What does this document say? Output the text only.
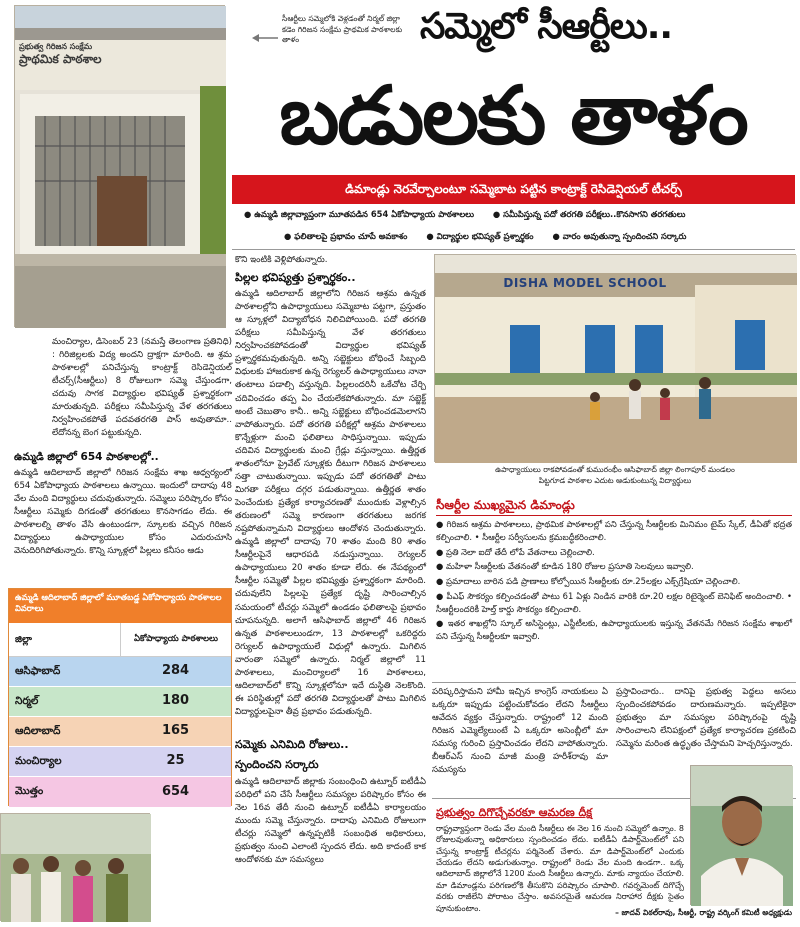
ప్రభుత్వ గిరిజన సంక్షేమ
ప్రాథమిక పాఠశాల
సీఆర్టీలు సమ్మెలోకి వెళ్లడంతో నిర్మల్ జిల్లా కడెం గిరిజన సంక్షేమ ప్రాథమిక పాఠశాలకు తాళం	సమ్మెలో సీఆర్టీలు..
బడులకు తాళం
డిమాండ్లు నెరవేర్చాలంటూ సమ్మెబాట పట్టిన కాంట్రాక్ట్ రెసిడెన్షియల్ టీచర్స్
● ఉమ్మడి జిల్లావ్యాప్తంగా మూతపడిన 654 ఏకోపాధ్యాయ పాఠశాలలు ● సమీపిస్తున్న పదో తరగతి పరీక్షలు..కొనసాగని తరగతులు
● ఫలితాలపై ప్రభావం చూపే అవకాశం ● విద్యార్థుల భవిష్యత్ ప్రశ్నార్థకం ● వారం అవుతున్నా స్పందించని సర్కారు

మంచిర్యాల, డిసెంబర్ 23 (నమస్తే తెలంగాణ ప్రతినిధి) : గిరిజిల్లలకు విద్య అందని ద్రాక్షగా మారింది. ఆ శ్రమ పాఠశాలల్లో పనిచేస్తున్న కాంట్రాక్ట్ రెసిడెన్షియల్ టీచర్స్(సీఆర్టీలు) 8 రోజులుగా సమ్మె చేస్తుండగా, చదువు సాగక విద్యార్థుల భవిష్యత్ ప్రశ్నార్థకంగా మారుతున్నది. పరీక్షలు సమీపిస్తున్న వేళ తరగతులు నిర్వహించకపోతే పదవతరగతి పాస్ అవుతామా.. లేదోనన్న బెంగ పట్టుకున్నది.

ఉమ్మడి జిల్లాలో 654 పాఠశాలల్లో..

ఉమ్మడి ఆదిలాబాద్ జిల్లాలో గిరిజన సంక్షేమ శాఖ ఆధ్వర్యంలో 654 ఏకోపాధ్యాయ పాఠశాలలు ఉన్నాయి. ఇందులో దాదాపు 48 వేల మంది విద్యార్థులు చదువుతున్నారు. సమ్మెలు పరిష్కారం కోసం సీఆర్టీలు సమ్మెకు దిగడంతో తరగతులు కొనసాగడం లేదు. ఈ పాఠశాలల్ని తాళం వేసి ఉంటుండగా, స్కూలకు వచ్చిన గిరిజన విద్యార్థులు ఉపాధ్యాయుల కోసం ఎదురుచూసి వెనుదిరిగిపోతున్నారు. కొన్ని స్కూళ్లలో పిల్లలు కనీసం ఆడు

ఉమ్మడి ఆదిలాబాద్ జిల్లాలో మూతబడ్డ ఏకోపాధ్యాయ పాఠశాలల వివరాలు
జిల్లా	ఏకోపాధ్యాయ పాఠశాలలు
ఆసిఫాబాద్	284
నిర్మల్	180
ఆదిలాబాద్	165
మంచిర్యాల	25
మొత్తం	654
కొని ఇంటికి వెళ్లిపోతున్నారు.
పిల్లల భవిష్యత్తు ప్రశ్నార్థకం..

ఉమ్మడి ఆదిలాబాద్ జిల్లాలోని గిరిజన ఆశ్రమ ఉన్నత పాఠశాలల్లోని ఉపాధ్యాయులు సమ్మెబాట పట్టగా, ప్రస్తుతం ఆ స్కూళ్లలో విద్యాబోధన నిలిచిపోయింది. పదో తరగతి పరీక్షలు సమీపిస్తున్న వేళ తరగతులు నిర్వహించకపోవడంతో విద్యార్థుల భవిష్యత్ ప్రశ్నార్థకమవుతున్నది. అన్ని సబ్జెక్టులు బోధించే సిబ్బంది విధులకు హాజరుకాక ఉన్న రెగ్యులర్ ఉపాధ్యాయులు నానా తంటాలు పడాల్సి వస్తున్నది. పిల్లలందరినీ ఒకేచోట చేర్చి చదివించడం తప్ప ఏం చేయలేకపోతున్నారు. మా సబ్జెక్ట్ అంటే చెబుతాం కానీ.. అన్ని సబ్జెక్టులు బోధించడమెలాగని వాపోతున్నారు. పదో తరగతి పరీక్షల్లో ఆశ్రమ పాఠశాలలు కొన్నేళ్లుగా మంచి ఫలితాలు సాధిస్తున్నాయి. ఇప్పుడు చదివిన విద్యార్థులకు మంచి గ్రేడ్లు వస్తున్నాయి. ఉత్తీర్ణత శాతంలోనూ ప్రైవేట్ స్కూళ్లకు దీటుగా గిరిజన పాఠశాలలు సత్తా చాటుతున్నాయి. ఇప్పుడు పదో తరగతితో పాటు మిగతా పరీక్షలు దగ్గర పడుతున్నాయి. ఉత్తీర్ణత శాతం పెంచేందుకు ప్రత్యేక కార్యాచరణతో ముందుకు వెళ్లాల్సిన తరుణంలో సమ్మె కారణంగా తరగతులు జరగక నష్టపోతున్నామని విద్యార్థులు ఆందోళన చెందుతున్నారు. ఉమ్మడి జిల్లాలో దాదాపు 70 శాతం మంది 80 శాతం సీఆర్టీలపైనే ఆధారపడి నడుస్తున్నాయి. రెగ్యులర్ ఉపాధ్యాయులు 20 శాతం కూడా లేరు. ఈ నేపథ్యంలో సీఆర్టీల సమ్మెతో పిల్లల భవిష్యత్తు ప్రశ్నార్థకంగా మారింది. చదువులేని పిల్లలపై ప్రత్యేక దృష్టి సారించాల్సిన సమయంలో టీచర్లు సమ్మెలో ఉండడం ఫలితాలపై ప్రభావం చూపనున్నది. అలాగే ఆసిఫాబాద్ జిల్లాలో 46 గిరిజన ఉన్నత పాఠశాలలుండగా, 13 పాఠశాలల్లో ఒకరిద్దరు రెగ్యులర్ ఉపాధ్యాయులే విధుల్లో ఉన్నారు. మిగిలిన వారంతా సమ్మెలో ఉన్నారు. నిర్మల్ జిల్లాలో 11 పాఠశాలలు, మంచిర్యాలలో 16 పాఠశాలలు, ఆదిలాబాద్‌లో కొన్ని స్కూళ్లలోనూ ఇదే దుస్థితి నెలకొంది. ఈ పరిస్థితుల్లో పదో తరగతి విద్యార్థులతో పాటు మిగిలిన విద్యార్థులపైనా తీవ్ర ప్రభావం పడుతున్నది.

సమ్మెకు ఎనిమిది రోజులు..
స్పందించని సర్కారు

ఉమ్మడి ఆదిలాబాద్ జిల్లాకు సంబంధించి ఉట్నూర్ ఐటీడీఏ పరిధిలో పని చేసే సీఆర్టీలు సమస్యల పరిష్కారం కోసం ఈ నెల 16వ తేదీ నుంచి ఉట్నూర్ ఐటీడీఏ కార్యాలయం ముందు సమ్మె చేస్తున్నారు. దాదాపు ఎనిమిది రోజులుగా టీచర్లు సమ్మెలో ఉన్నప్పటికీ సంబంధిత అధికారులు, ప్రభుత్వం నుంచి ఎలాంటి స్పందన లేదు. అది కాదంటే కాక ఆందోళనకు మా సమస్యలు

DISHA MODEL SCHOOL
ఉపాధ్యాయులు రాకపోవడంతో కుమురంభీం ఆసిఫాబాద్ జిల్లా లింగాపూర్ మండలం
పిట్టగూడ పాఠశాల ఎదుట ఆడుకుంటున్న విద్యార్థులు
సీఆర్టీల ముఖ్యమైన డిమాండ్లు

● గిరిజన ఆశ్రమ పాఠశాలలు, ప్రాథమిక పాఠశాలల్లో పని చేస్తున్న సీఆర్టీలకు మినిమం టైమ్ స్కేల్, డీఏతో భద్రత కల్పించాలి. • సీఆర్టీల సర్వీసులను క్రమబద్ధీకరించాలి.

● ప్రతి నెలా ఐదో తేదీ లోపే వేతనాలు చెల్లించాలి.

● మహిళా సీఆర్టీలకు వేతనంతో కూడిన 180 రోజుల ప్రసూతి సెలవులు ఇవ్వాలి.

● ప్రమాదాలు బారిన పడి ప్రాణాలు కోల్పోయిన సీఆర్టీలకు రూ.25లక్షల ఎక్స్‌గ్రేషియా చెల్లించాలి.

● పీఎఫ్ సౌకర్యం కల్పించడంతో పాటు 61 ఏళ్లు నిండిన వారికి రూ.20 లక్షల రిటైర్మెంట్ బెనిఫిట్ అందించాలి. • సీఆర్టీలందరికీ హెల్త్ కార్డు సౌకర్యం కల్పించాలి.

● ఇతర శాఖల్లోని స్కూల్ అసిస్టెంట్లు, ఎస్జీటీలకు, ఉపాధ్యాయులకు ఇస్తున్న వేతనమే గిరిజన సంక్షేమ శాఖలో పని చేస్తున్న సీఆర్టీలకూ ఇవ్వాలి.

పరిష్కరిస్తామని హామీ ఇచ్చిన కాంగ్రెస్ నాయకులు ఏ ఒక్కరూ ఇప్పుడు పట్టించుకోవడం లేదని సీఆర్టీలు ఆవేదన వ్యక్తం చేస్తున్నారు. రాష్ట్రంలో 12 మంది గిరిజన ఎమ్మెల్యేలుంటే ఏ ఒక్కరూ అసెంబ్లీలో మా సమస్య గురించి ప్రస్తావించడం లేదని వాపోతున్నారు. బీఆర్ఎస్ నుంచి మాజీ మంత్రి హరీశ్‌రావు మా సమస్యను

ప్రస్తావించారు.. దానిపై ప్రభుత్వ పెద్దలు అసలు స్పందించకపోవడం దారుణమన్నారు. ఇప్పటికైనా ప్రభుత్వం మా సమస్యల పరిష్కారంపై దృష్టి సారించాలని లేనిపక్షంలో ప్రత్యేక కార్యాచరణ ప్రకటించి సమ్మెను మరింత ఉద్ధృతం చేస్తామని హెచ్చరిస్తున్నారు.

ప్రభుత్వం దిగొచ్చేవరకూ ఆమరణ దీక్ష
రాష్ట్రవ్యాప్తంగా రెండు వేల మంది సీఆర్టీలు ఈ నెల 16 నుంచి సమ్మెలో ఉన్నాం. 8 రోజులవుతున్నా అధికారులు స్పందించడం లేదు. ఐటీడీఏ డిపార్ట్‌మెంట్‌లో పని చేస్తున్న కాంట్రాక్ట్ టీచర్లను పర్మినెంట్ చేశారు. మా డిపార్ట్‌మెంట్‌లో ఎందుకు చేయడం లేదని అడుగుతున్నాం. రాష్ట్రంలో రెండు వేల మంది ఉండగా.. ఒక్క ఆదిలాబాద్ జిల్లాలోనే 1200 మంది సీఆర్టీలు ఉన్నారు. మాకు న్యాయం చేయాలి. మా డిమాండ్లను పరిగణలోకి తీసుకొని పరిష్కారం చూపాలి. గవర్నమెంట్ దిగొచ్చే వరకు రాజీలేని పోరాటం చేస్తాం. అవసరమైతే ఆమరణ నిరాహార దీక్షకు సైతం పూనుకుంటాం.	– జాదవ్ విఠల్‌రావు, సీఆర్టీ, రాష్ట్ర వర్కింగ్ కమిటీ అధ్యక్షుడు
